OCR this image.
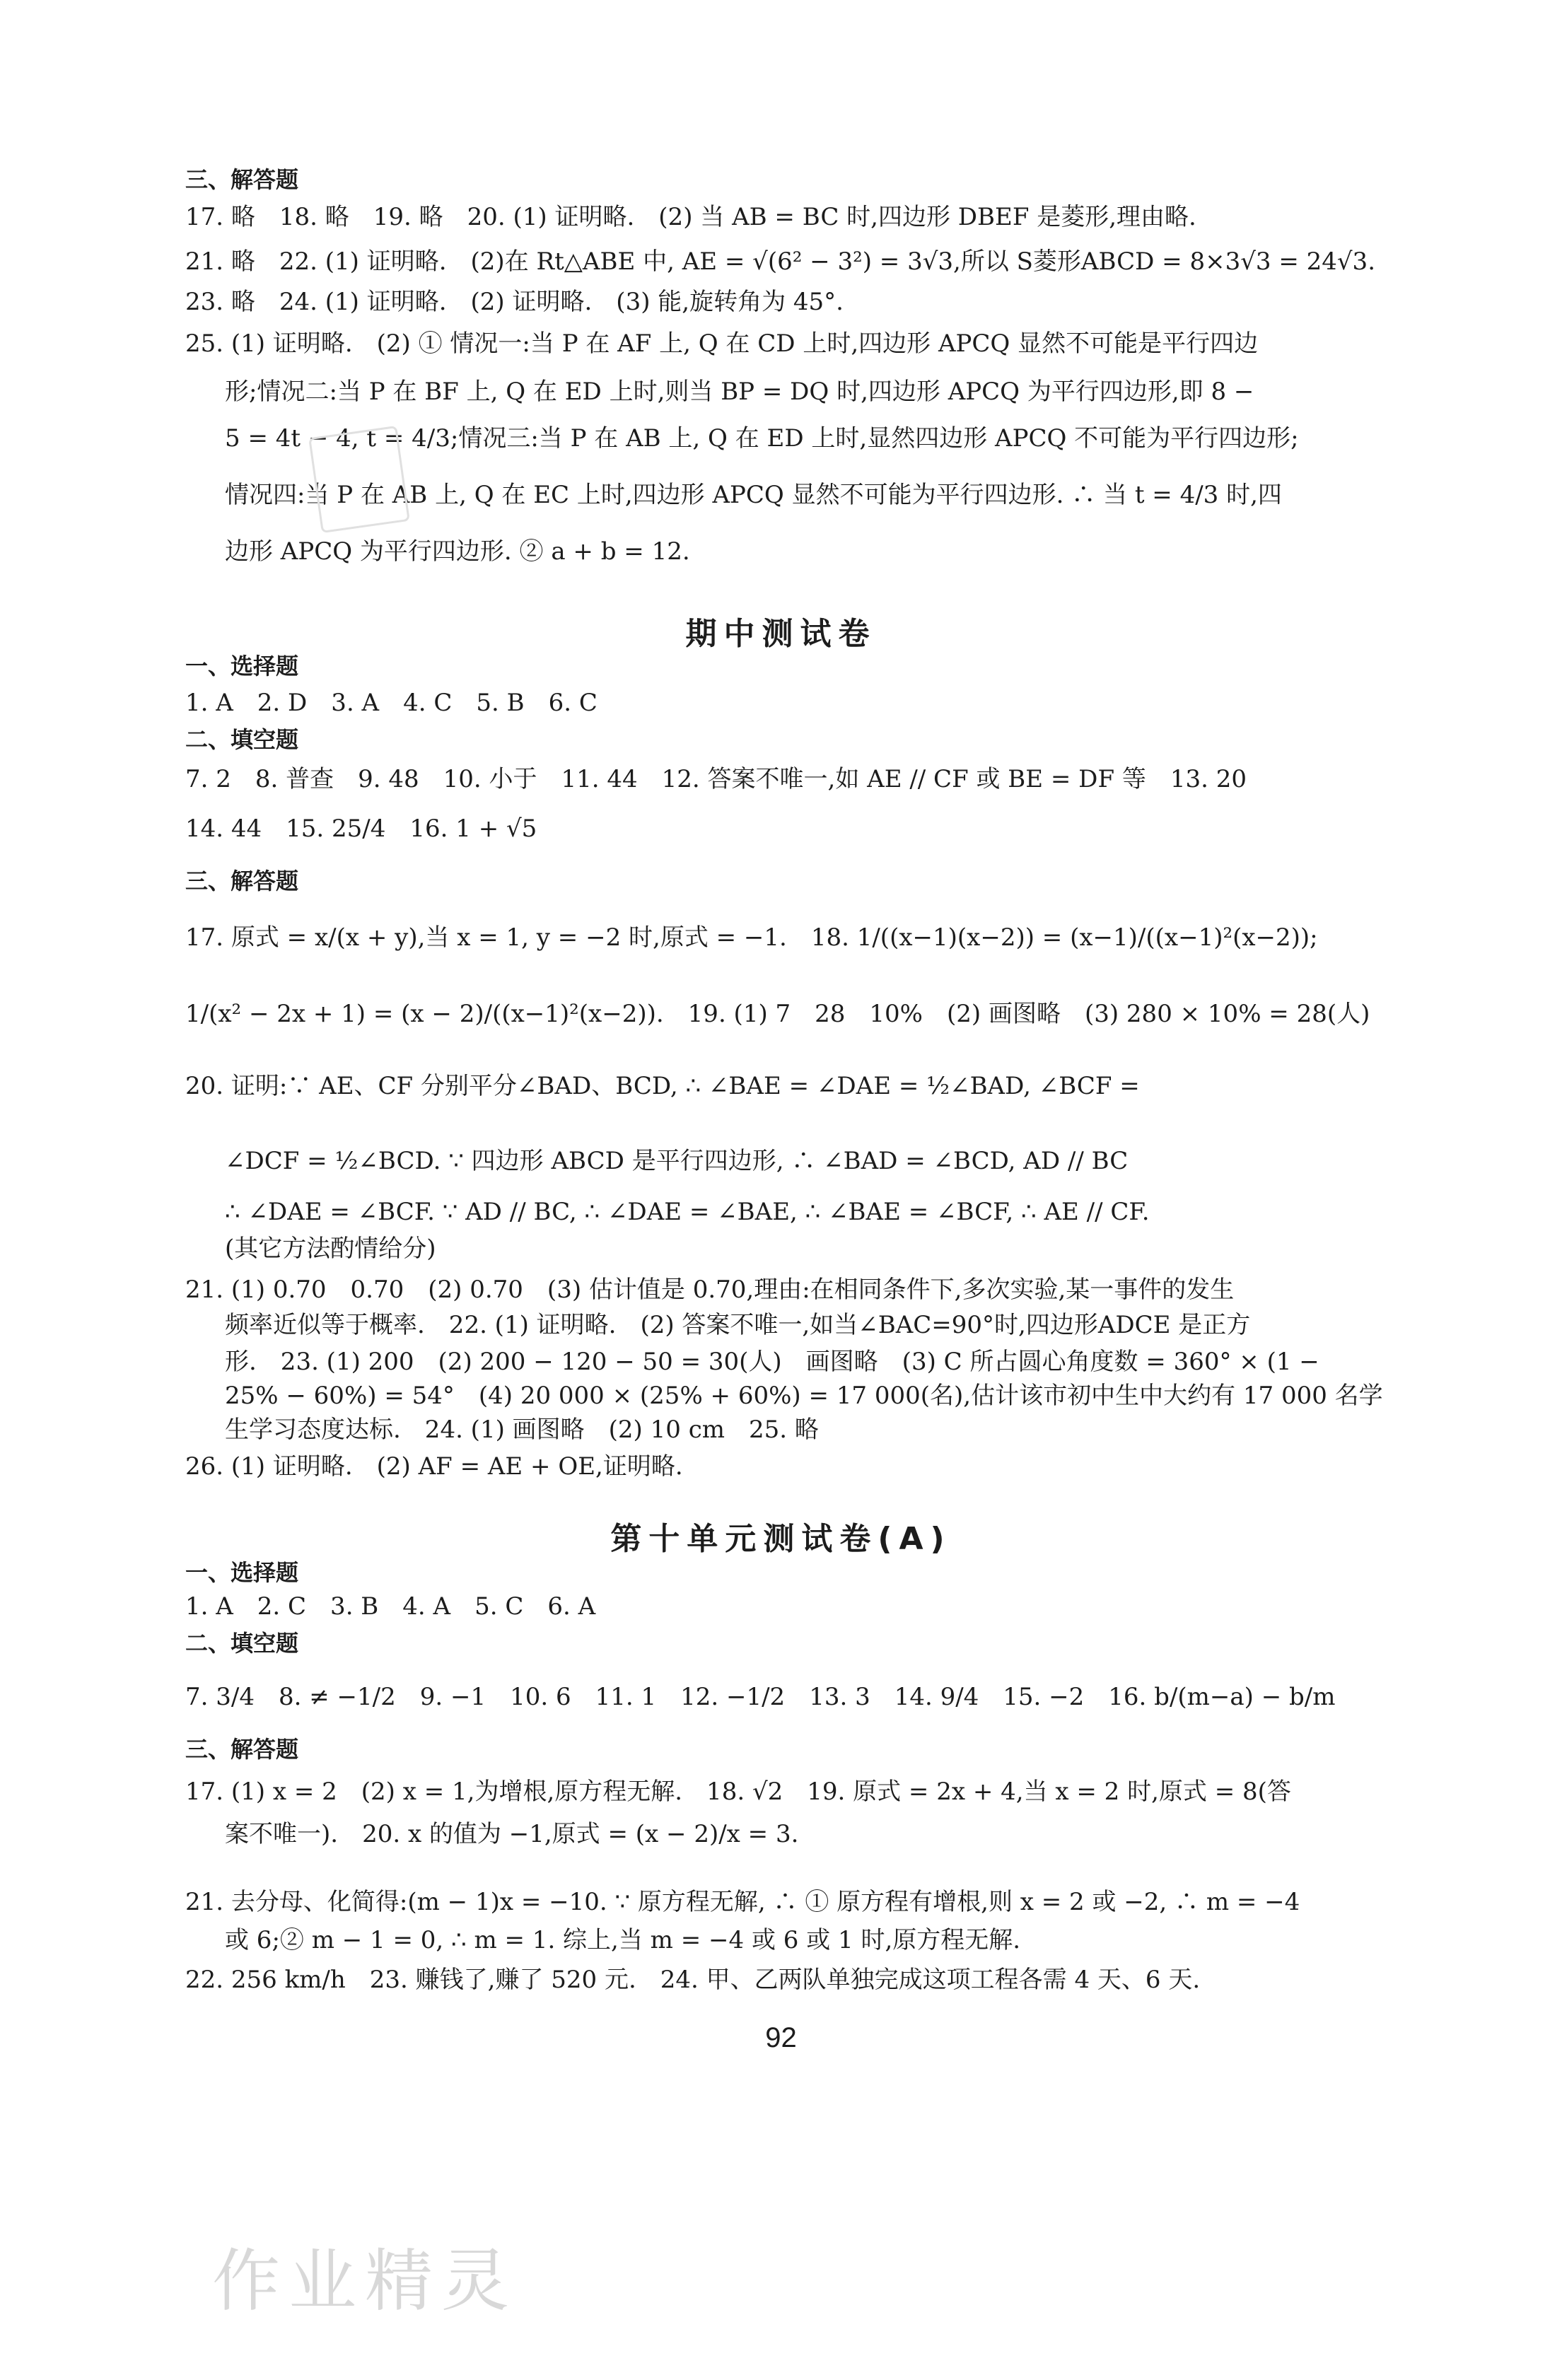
三、解答题
17. 略　18. 略　19. 略　20. (1) 证明略.　(2) 当 AB = BC 时,四边形 DBEF 是菱形,理由略.
21. 略　22. (1) 证明略.　(2)在 Rt△ABE 中, AE = √(6² − 3²) = 3√3,所以 S菱形ABCD = 8×3√3 = 24√3.
23. 略　24. (1) 证明略.　(2) 证明略.　(3) 能,旋转角为 45°.
25. (1) 证明略.　(2) ① 情况一:当 P 在 AF 上, Q 在 CD 上时,四边形 APCQ 显然不可能是平行四边
形;情况二:当 P 在 BF 上, Q 在 ED 上时,则当 BP = DQ 时,四边形 APCQ 为平行四边形,即 8 −
5 = 4t − 4, t = 4/3;情况三:当 P 在 AB 上, Q 在 ED 上时,显然四边形 APCQ 不可能为平行四边形;
情况四:当 P 在 AB 上, Q 在 EC 上时,四边形 APCQ 显然不可能为平行四边形. ∴ 当 t = 4/3 时,四
边形 APCQ 为平行四边形. ② a + b = 12.
期中测试卷
一、选择题
1. A　2. D　3. A　4. C　5. B　6. C
二、填空题
7. 2　8. 普查　9. 48　10. 小于　11. 44　12. 答案不唯一,如 AE // CF 或 BE = DF 等　13. 20
14. 44　15. 25/4　16. 1 + √5
三、解答题
17. 原式 = x/(x + y),当 x = 1, y = −2 时,原式 = −1.　18. 1/((x−1)(x−2)) = (x−1)/((x−1)²(x−2));
1/(x² − 2x + 1) = (x − 2)/((x−1)²(x−2)).　19. (1) 7　28　10%　(2) 画图略　(3) 280 × 10% = 28(人)
20. 证明:∵ AE、CF 分别平分∠BAD、BCD, ∴ ∠BAE = ∠DAE = ½∠BAD, ∠BCF =
∠DCF = ½∠BCD. ∵ 四边形 ABCD 是平行四边形, ∴ ∠BAD = ∠BCD, AD // BC
∴ ∠DAE = ∠BCF. ∵ AD // BC, ∴ ∠DAE = ∠BAE, ∴ ∠BAE = ∠BCF, ∴ AE // CF.
(其它方法酌情给分)
21. (1) 0.70　0.70　(2) 0.70　(3) 估计值是 0.70,理由:在相同条件下,多次实验,某一事件的发生
频率近似等于概率.　22. (1) 证明略.　(2) 答案不唯一,如当∠BAC=90°时,四边形ADCE 是正方
形.　23. (1) 200　(2) 200 − 120 − 50 = 30(人)　画图略　(3) C 所占圆心角度数 = 360° × (1 −
25% − 60%) = 54°　(4) 20 000 × (25% + 60%) = 17 000(名),估计该市初中生中大约有 17 000 名学
生学习态度达标.　24. (1) 画图略　(2) 10 cm　25. 略
26. (1) 证明略.　(2) AF = AE + OE,证明略.
第十单元测试卷(A)
一、选择题
1. A　2. C　3. B　4. A　5. C　6. A
二、填空题
7. 3/4　8. ≠ −1/2　9. −1　10. 6　11. 1　12. −1/2　13. 3　14. 9/4　15. −2　16. b/(m−a) − b/m
三、解答题
17. (1) x = 2　(2) x = 1,为增根,原方程无解.　18. √2　19. 原式 = 2x + 4,当 x = 2 时,原式 = 8(答
案不唯一).　20. x 的值为 −1,原式 = (x − 2)/x = 3.
21. 去分母、化简得:(m − 1)x = −10. ∵ 原方程无解, ∴ ① 原方程有增根,则 x = 2 或 −2, ∴ m = −4
或 6;② m − 1 = 0, ∴ m = 1. 综上,当 m = −4 或 6 或 1 时,原方程无解.
22. 256 km/h　23. 赚钱了,赚了 520 元.　24. 甲、乙两队单独完成这项工程各需 4 天、6 天.
92
作业精灵
